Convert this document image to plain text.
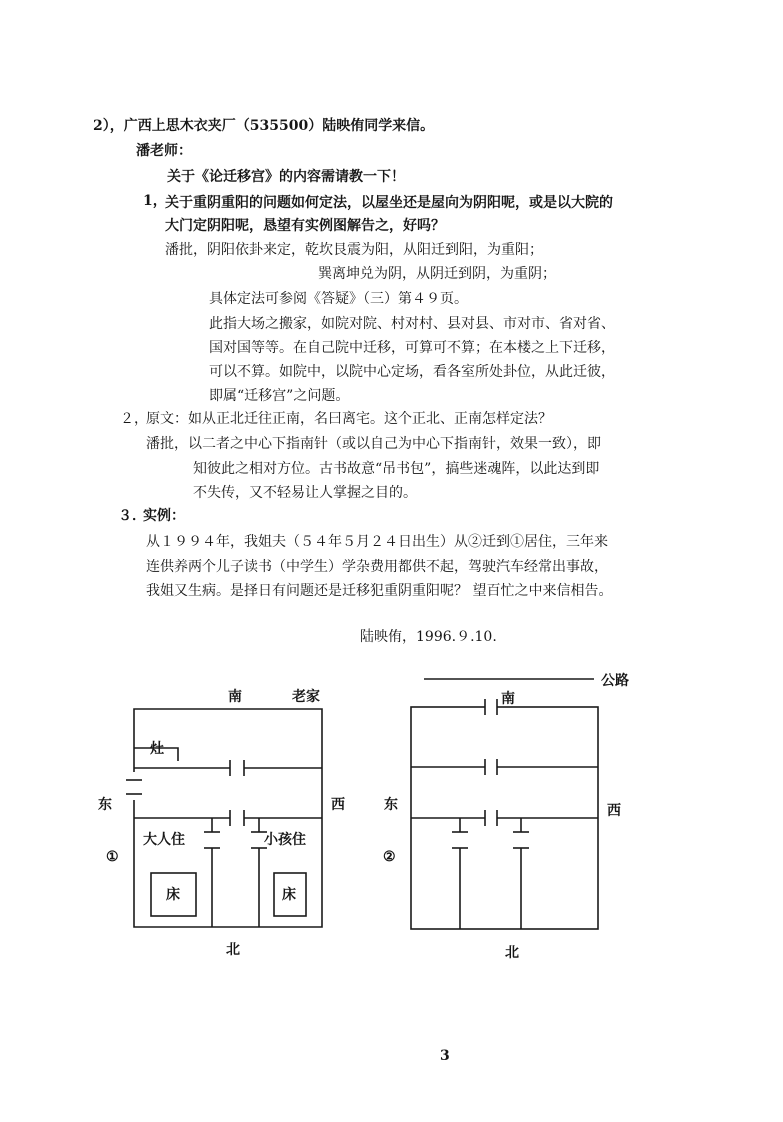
2），广西上思木衣夹厂（535500）陆映侑同学来信。
潘老师：
关于《论迁移宫》的内容需请教一下！
1，
关于重阴重阳的问题如何定法，以屋坐还是屋向为阴阳呢，或是以大院的
大门定阴阳呢，恳望有实例图解告之，好吗？
潘批，阴阳依卦来定，乾坎艮震为阳，从阳迁到阳，为重阳；
巽离坤兑为阴，从阴迁到阴，为重阴；
具体定法可参阅《答疑》（三）第４９页。
此指大场之搬家，如院对院、村对村、县对县、市对市、省对省、
国对国等等。在自己院中迁移，可算可不算；在本楼之上下迁移，
可以不算。如院中，以院中心定场，看各室所处卦位，从此迁彼，
即属“迁移宫”之问题。
２，
原文：如从正北迁往正南，名曰离宅。这个正北、正南怎样定法？
潘批，以二者之中心下指南针（或以自己为中心下指南针，效果一致），即
知彼此之相对方位。古书故意“吊书包”，搞些迷魂阵，以此达到即
不失传，又不轻易让人掌握之目的。
３．
实例：
从１９９４年，我姐夫（５４年５月２４日出生）从②迁到①居住，三年来
连供养两个儿子读书（中学生）学杂费用都供不起，驾驶汽车经常出事故，
我姐又生病。是择日有问题还是迁移犯重阴重阳呢？ 望百忙之中来信相告。
陆映侑，1996.９.10.
南	老家
东	西
北
①
灶
大人住	小孩住
床	床
公路
南
东	西
北
②
3
